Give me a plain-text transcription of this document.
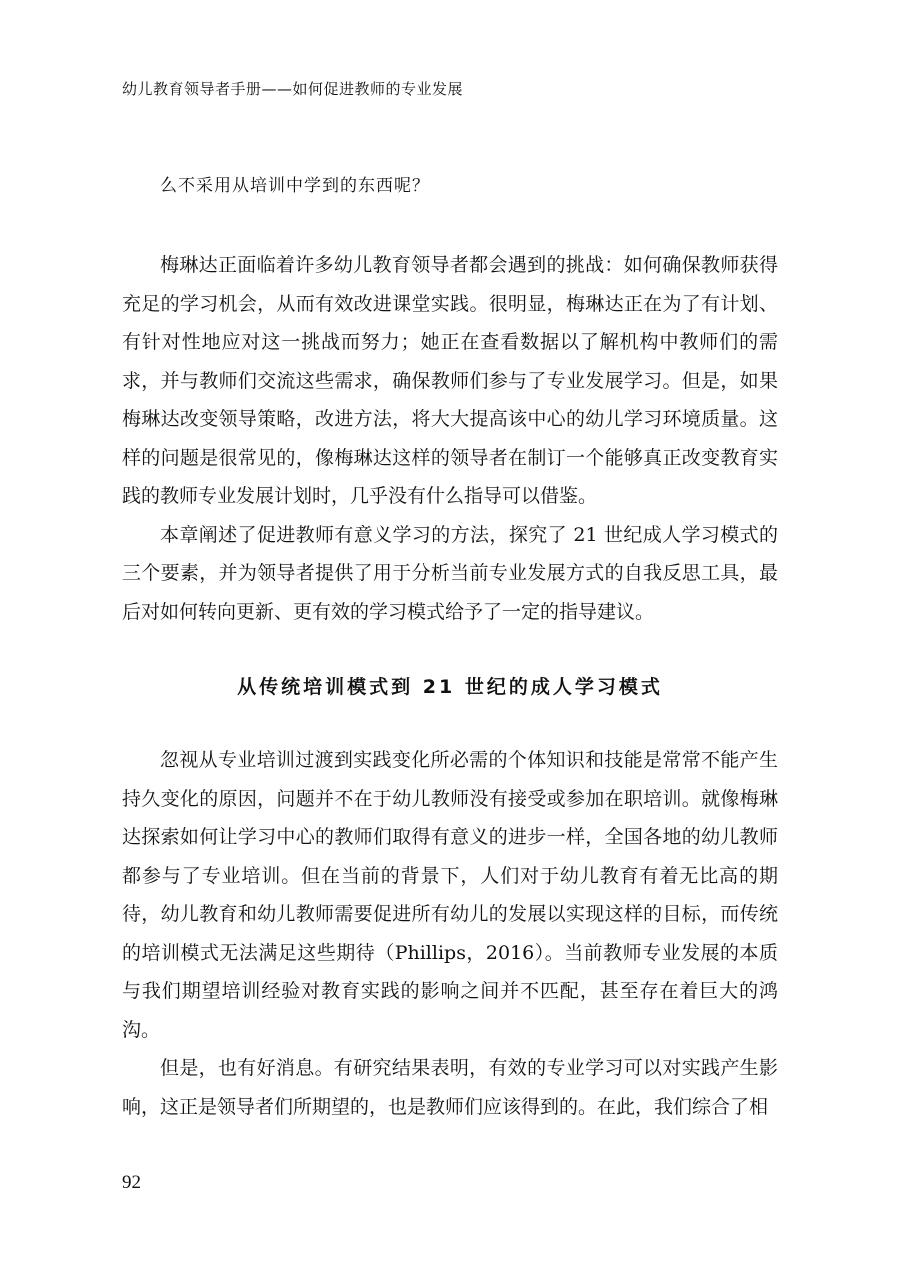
幼儿教育领导者手册——如何促进教师的专业发展

么不采用从培训中学到的东西呢？

梅琳达正面临着许多幼儿教育领导者都会遇到的挑战：如何确保教师获得充足的学习机会，从而有效改进课堂实践。很明显，梅琳达正在为了有计划、有针对性地应对这一挑战而努力；她正在查看数据以了解机构中教师们的需求，并与教师们交流这些需求，确保教师们参与了专业发展学习。但是，如果梅琳达改变领导策略，改进方法，将大大提高该中心的幼儿学习环境质量。这样的问题是很常见的，像梅琳达这样的领导者在制订一个能够真正改变教育实践的教师专业发展计划时，几乎没有什么指导可以借鉴。

本章阐述了促进教师有意义学习的方法，探究了 21 世纪成人学习模式的三个要素，并为领导者提供了用于分析当前专业发展方式的自我反思工具，最后对如何转向更新、更有效的学习模式给予了一定的指导建议。

从传统培训模式到 21 世纪的成人学习模式

忽视从专业培训过渡到实践变化所必需的个体知识和技能是常常不能产生持久变化的原因，问题并不在于幼儿教师没有接受或参加在职培训。就像梅琳达探索如何让学习中心的教师们取得有意义的进步一样，全国各地的幼儿教师都参与了专业培训。但在当前的背景下，人们对于幼儿教育有着无比高的期待，幼儿教育和幼儿教师需要促进所有幼儿的发展以实现这样的目标，而传统的培训模式无法满足这些期待（Phillips，2016）。当前教师专业发展的本质与我们期望培训经验对教育实践的影响之间并不匹配，甚至存在着巨大的鸿沟。

但是，也有好消息。有研究结果表明，有效的专业学习可以对实践产生影响，这正是领导者们所期望的，也是教师们应该得到的。在此，我们综合了相

92
